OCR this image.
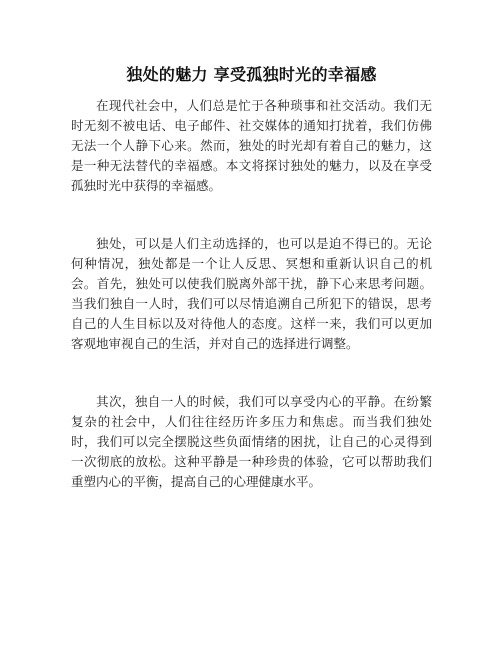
独处的魅力 享受孤独时光的幸福感

在现代社会中，人们总是忙于各种琐事和社交活动。我们无时无刻不被电话、电子邮件、社交媒体的通知打扰着，我们仿佛无法一个人静下心来。然而，独处的时光却有着自己的魅力，这是一种无法替代的幸福感。本文将探讨独处的魅力，以及在享受孤独时光中获得的幸福感。

独处，可以是人们主动选择的，也可以是迫不得已的。无论何种情况，独处都是一个让人反思、冥想和重新认识自己的机会。首先，独处可以使我们脱离外部干扰，静下心来思考问题。当我们独自一人时，我们可以尽情追溯自己所犯下的错误，思考自己的人生目标以及对待他人的态度。这样一来，我们可以更加客观地审视自己的生活，并对自己的选择进行调整。

其次，独自一人的时候，我们可以享受内心的平静。在纷繁复杂的社会中，人们往往经历许多压力和焦虑。而当我们独处时，我们可以完全摆脱这些负面情绪的困扰，让自己的心灵得到一次彻底的放松。这种平静是一种珍贵的体验，它可以帮助我们重塑内心的平衡，提高自己的心理健康水平。
